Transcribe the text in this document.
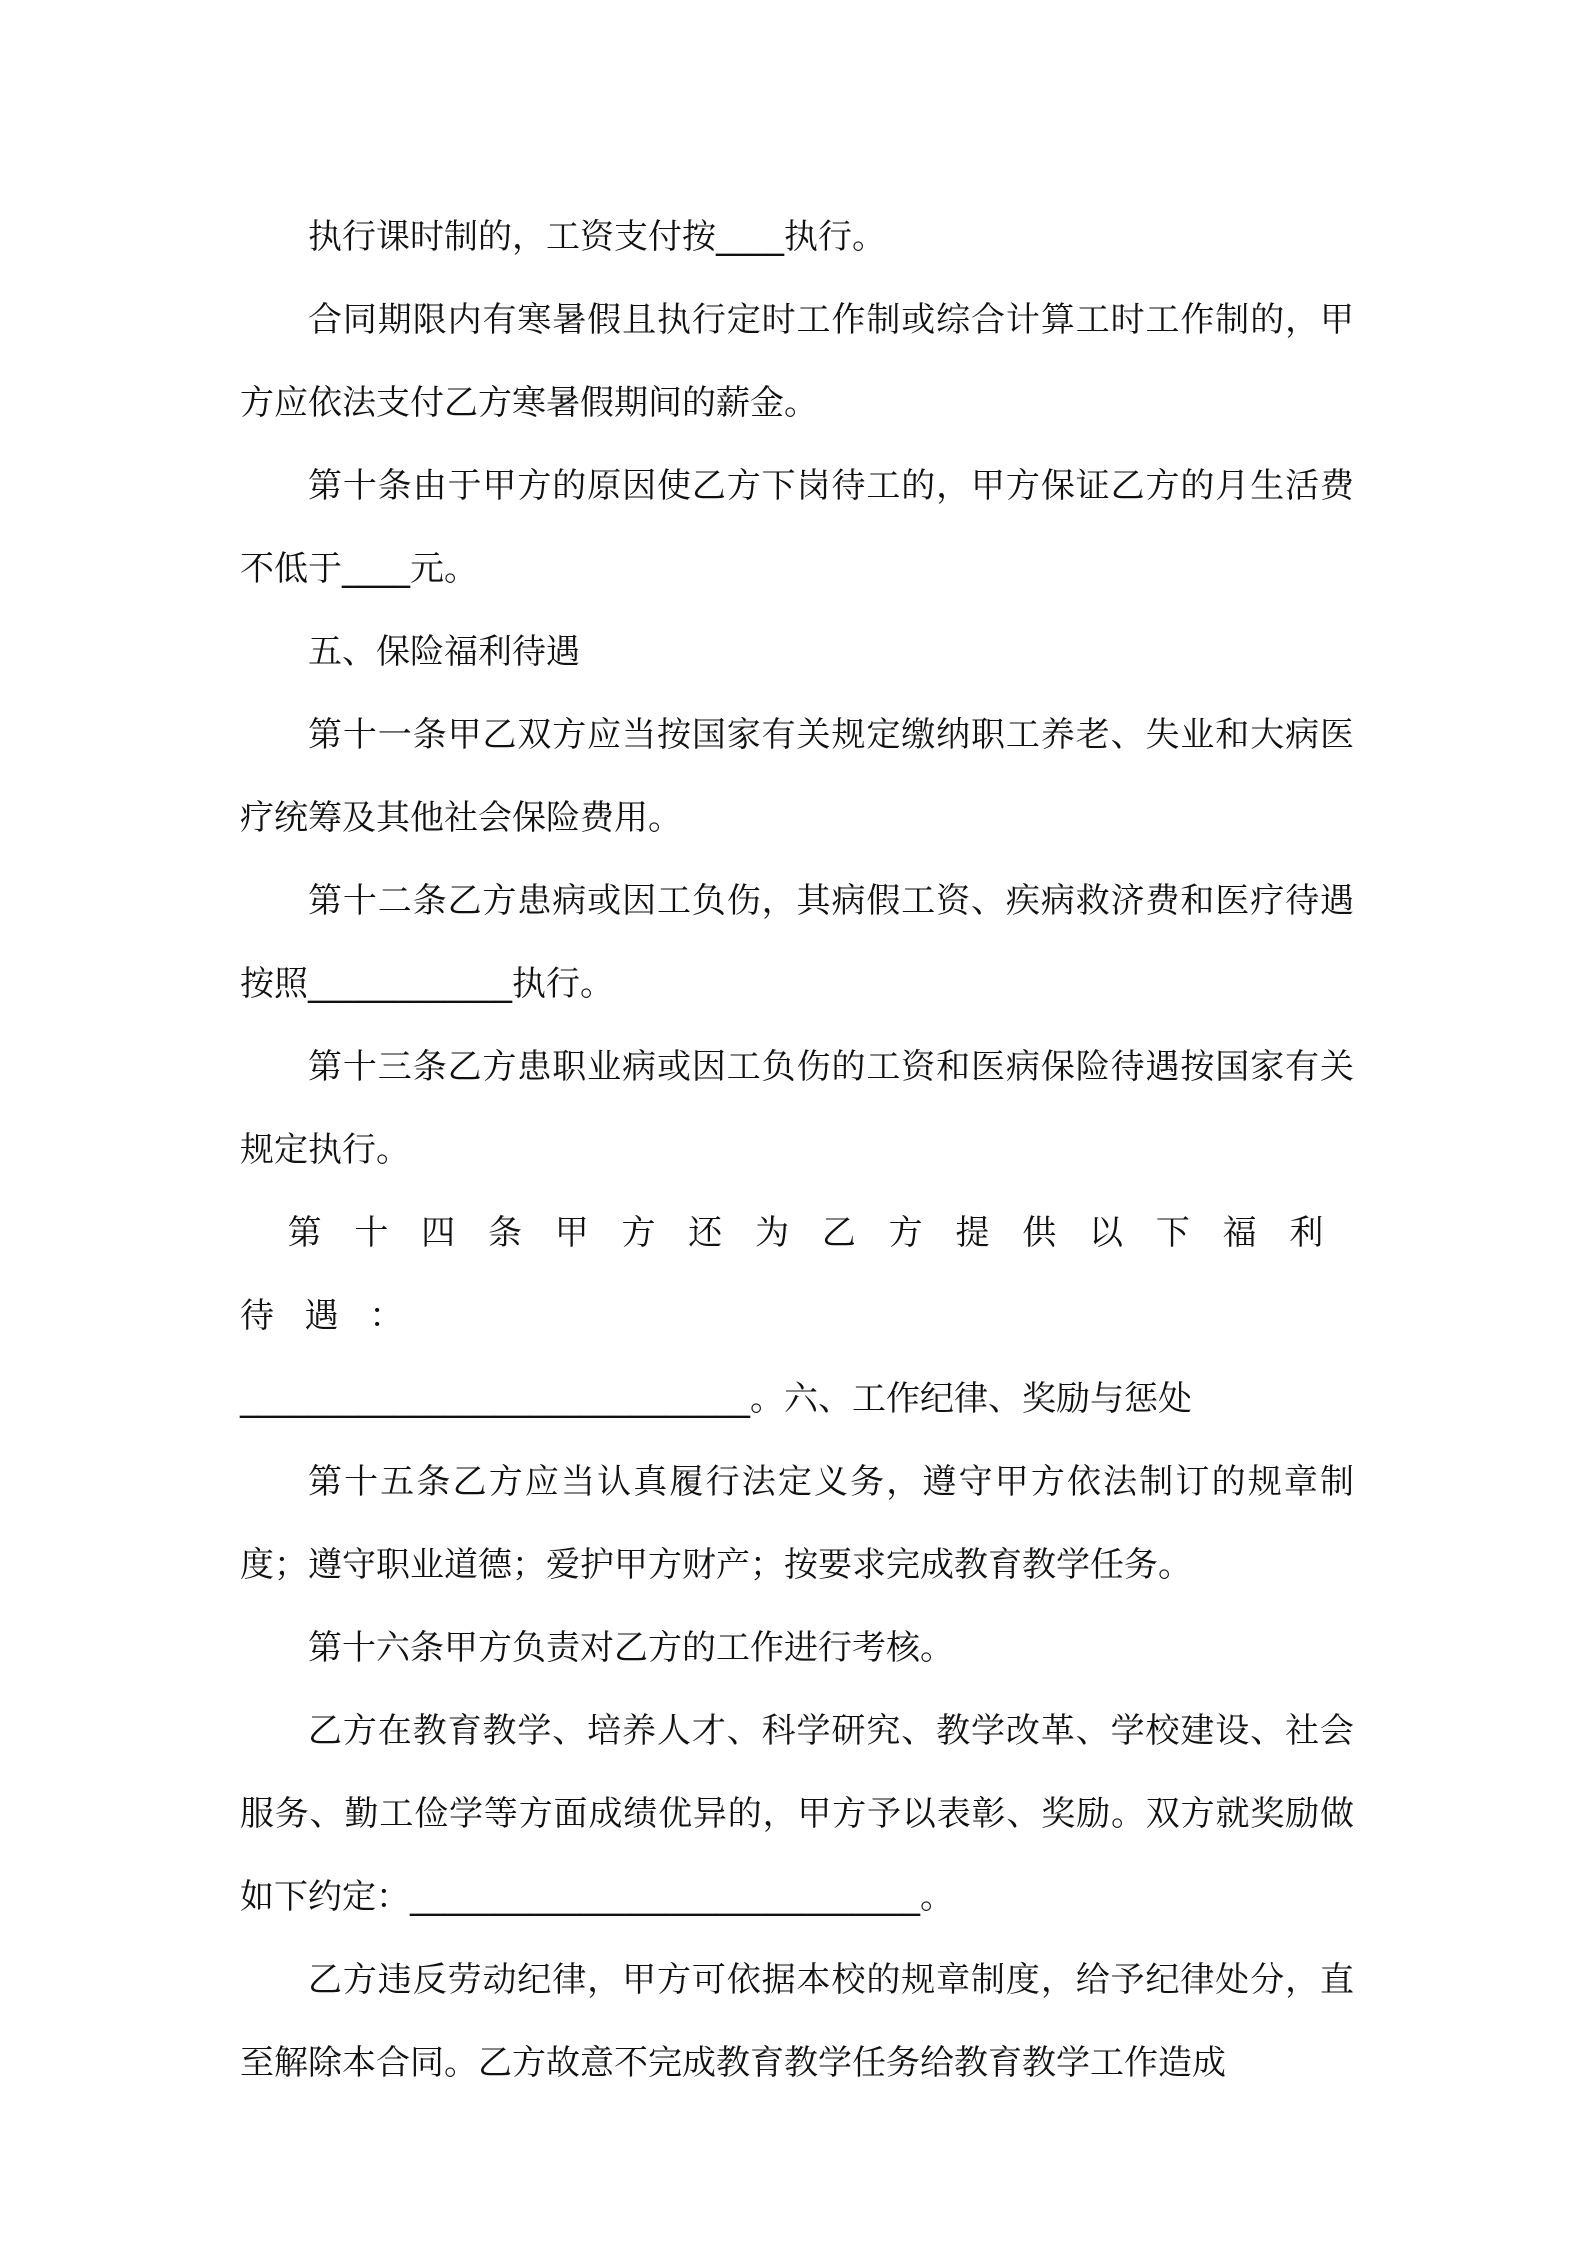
执行课时制的，工资支付按____执行。

合同期限内有寒暑假且执行定时工作制或综合计算工时工作制的，甲方应依法支付乙方寒暑假期间的薪金。

第十条由于甲方的原因使乙方下岗待工的，甲方保证乙方的月生活费不低于____元。

五、保险福利待遇

第十一条甲乙双方应当按国家有关规定缴纳职工养老、失业和大病医疗统筹及其他社会保险费用。

第十二条乙方患病或因工负伤，其病假工资、疾病救济费和医疗待遇按照____________执行。

第十三条乙方患职业病或因工负伤的工资和医病保险待遇按国家有关规定执行。

第十四条甲方还为乙方提供以下福利待遇：

______________________________。六、工作纪律、奖励与惩处

第十五条乙方应当认真履行法定义务，遵守甲方依法制订的规章制度；遵守职业道德；爱护甲方财产；按要求完成教育教学任务。

第十六条甲方负责对乙方的工作进行考核。

乙方在教育教学、培养人才、科学研究、教学改革、学校建设、社会服务、勤工俭学等方面成绩优异的，甲方予以表彰、奖励。双方就奖励做如下约定：______________________________。

乙方违反劳动纪律，甲方可依据本校的规章制度，给予纪律处分，直至解除本合同。乙方故意不完成教育教学任务给教育教学工作造成
